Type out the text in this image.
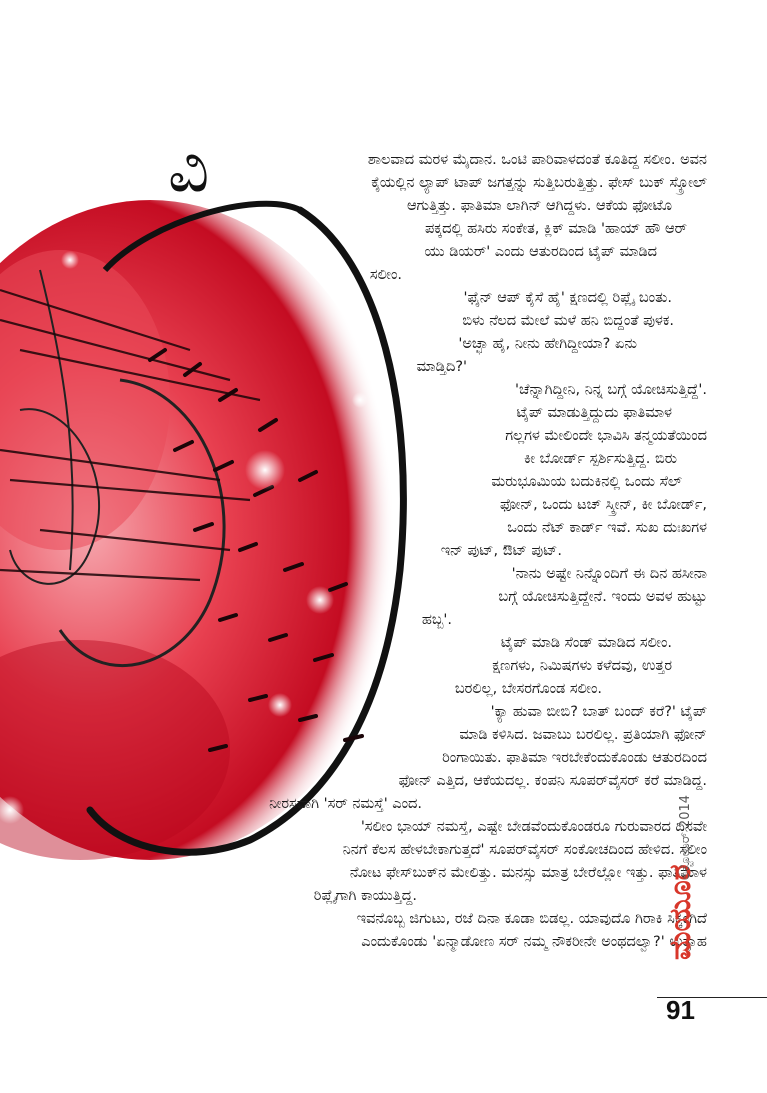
ವಿ	ಶಾಲವಾದ ಮರಳ ಮೈದಾನ. ಒಂಟಿ ಪಾರಿವಾಳದಂತೆ ಕೂತಿದ್ದ ಸಲೀಂ. ಅವನ

ಕೈಯಲ್ಲಿನ ಲ್ಯಾಪ್ ಟಾಪ್ ಜಗತ್ತನ್ನು ಸುತ್ತಿಬರುತ್ತಿತ್ತು. ಫೇಸ್ ಬುಕ್ ಸ್ಕ್ರೋಲ್

ಆಗುತ್ತಿತ್ತು. ಫಾತಿಮಾ ಲಾಗಿನ್ ಆಗಿದ್ದಳು. ಆಕೆಯ ಫೋಟೊ

ಪಕ್ಕದಲ್ಲಿ ಹಸಿರು ಸಂಕೇತ, ಕ್ಲಿಕ್ ಮಾಡಿ 'ಹಾಯ್ ಹೌ ಆರ್

ಯು ಡಿಯರ್' ಎಂದು ಆತುರದಿಂದ ಟೈಪ್ ಮಾಡಿದ

ಸಲೀಂ.

'ಫೈನ್ ಆಪ್ ಕೈಸೆ ಹೈ' ಕ್ಷಣದಲ್ಲಿ ರಿಪ್ಲೈ ಬಂತು.

ಬಿಳು ನೆಲದ ಮೇಲೆ ಮಳೆ ಹನಿ ಬಿದ್ದಂತೆ ಪುಳಕ.

'ಅಚ್ಛಾ ಹೈ, ನೀನು ಹೇಗಿದ್ದೀಯಾ? ಏನು

ಮಾಡ್ತಿದಿ?'

'ಚೆನ್ನಾಗಿದ್ದೀನಿ, ನಿನ್ನ ಬಗ್ಗೆ ಯೋಚಿಸುತ್ತಿದ್ದೆ'.

ಟೈಪ್ ಮಾಡುತ್ತಿದ್ದುದು ಫಾತಿಮಾಳ

ಗಲ್ಲಗಳ ಮೇಲಿಂದೇ ಭಾವಿಸಿ ತನ್ಮಯತೆಯಿಂದ

ಕೀ ಬೋರ್ಡ್ ಸ್ಪರ್ಶಿಸುತ್ತಿದ್ದ. ಬಿರು

ಮರುಭೂಮಿಯ ಬದುಕಿನಲ್ಲಿ ಒಂದು ಸೆಲ್

ಫೋನ್, ಒಂದು ಟಚ್ ಸ್ಕ್ರೀನ್, ಕೀ ಬೋರ್ಡ್,

ಒಂದು ನೆಟ್ ಕಾರ್ಡ್ ಇವೆ. ಸುಖ ದುಃಖಗಳ

ಇನ್ ಪುಟ್, ಔಟ್ ಪುಟ್.

'ನಾನು ಅಷ್ಟೇ ನಿನ್ನೊಂದಿಗೆ ಈ ದಿನ ಹಸೀನಾ

ಬಗ್ಗೆ ಯೋಚಿಸುತ್ತಿದ್ದೇನೆ. ಇಂದು ಅವಳ ಹುಟ್ಟು

ಹಬ್ಬ'.

ಟೈಪ್ ಮಾಡಿ ಸೆಂಡ್ ಮಾಡಿದ ಸಲೀಂ.

ಕ್ಷಣಗಳು, ನಿಮಿಷಗಳು ಕಳೆದವು, ಉತ್ತರ

ಬರಲಿಲ್ಲ, ಬೇಸರಗೊಂಡ ಸಲೀಂ.

'ಕ್ಯಾ ಹುವಾ ಬೀಬಿ? ಬಾತ್ ಬಂದ್ ಕರೆ?' ಟೈಪ್

ಮಾಡಿ ಕಳಿಸಿದ. ಜವಾಬು ಬರಲಿಲ್ಲ. ಪ್ರತಿಯಾಗಿ ಫೋನ್

ರಿಂಗಾಯಿತು. ಫಾತಿಮಾ ಇರಬೇಕೆಂದುಕೊಂಡು ಆತುರದಿಂದ

ಫೋನ್ ಎತ್ತಿದ, ಆಕೆಯದಲ್ಲ. ಕಂಪನಿ ಸೂಪರ್‌ವೈಸರ್ ಕರೆ ಮಾಡಿದ್ದ.

ನೀರಸವಾಗಿ 'ಸರ್ ನಮಸ್ತೆ' ಎಂದ.

'ಸಲೀಂ ಭಾಯ್ ನಮಸ್ತೆ, ಎಷ್ಟೇ ಬೇಡವೆಂದುಕೊಂಡರೂ ಗುರುವಾರದ ದಿನವೇ

ನಿನಗೆ ಕೆಲಸ ಹೇಳಬೇಕಾಗುತ್ತದೆ' ಸೂಪರ್‌ವೈಸರ್ ಸಂಕೋಚದಿಂದ ಹೇಳಿದ. ಸಲೀಂ

ನೋಟ ಫೇಸ್‌ಬುಕ್‌ನ ಮೇಲಿತ್ತು. ಮನಸ್ಸು ಮಾತ್ರ ಬೇರೆಲ್ಲೋ ಇತ್ತು. ಫಾತಿಮಾಳ

ರಿಪ್ಲೈಗಾಗಿ ಕಾಯುತ್ತಿದ್ದ.

ಇವನೊಬ್ಬ ಜಿಗುಟು, ರಜೆ ದಿನಾ ಕೂಡಾ ಬಿಡಲ್ಲ. ಯಾವುದೊ ಗಿರಾಕಿ ಸಿಕ್ಕಂಗಿದೆ

ಎಂದುಕೊಂಡು 'ಏನ್ಮಾಡೋಣ ಸರ್ ನಮ್ಮ ನೌಕರೀನೇ ಅಂಥದಲ್ವಾ?' ಉತ್ಸಾಹ

ಮಯೂರ
ಅಕ್ಟೋಬರ್ 2014
91
